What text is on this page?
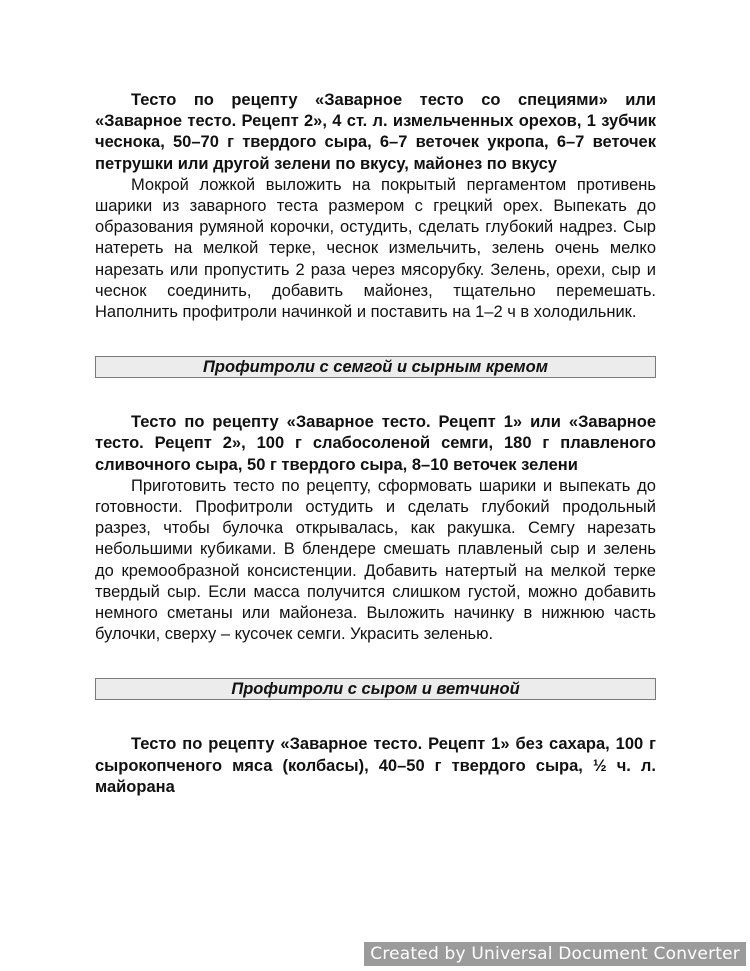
Тесто по рецепту «Заварное тесто со специями» или «Заварное тесто. Рецепт 2», 4 ст. л. измельченных орехов, 1 зубчик чеснока, 50–70 г твердого сыра, 6–7 веточек укропа, 6–7 веточек петрушки или другой зелени по вкусу, майонез по вкусу

Мокрой ложкой выложить на покрытый пергаментом противень шарики из заварного теста размером с грецкий орех. Выпекать до образования румяной корочки, остудить, сделать глубокий надрез. Сыр натереть на мелкой терке, чеснок измельчить, зелень очень мелко нарезать или пропустить 2 раза через мясорубку. Зелень, орехи, сыр и чеснок соединить, добавить майонез, тщательно перемешать. Наполнить профитроли начинкой и поставить на 1–2 ч в холодильник.

Профитроли с семгой и сырным кремом

Тесто по рецепту «Заварное тесто. Рецепт 1» или «Заварное тесто. Рецепт 2», 100 г слабосоленой семги, 180 г плавленого сливочного сыра, 50 г твердого сыра, 8–10 веточек зелени

Приготовить тесто по рецепту, сформовать шарики и выпекать до готовности. Профитроли остудить и сделать глубокий продольный разрез, чтобы булочка открывалась, как ракушка. Семгу нарезать небольшими кубиками. В блендере смешать плавленый сыр и зелень до кремообразной консистенции. Добавить натертый на мелкой терке твердый сыр. Если масса получится слишком густой, можно добавить немного сметаны или майонеза. Выложить начинку в нижнюю часть булочки, сверху – кусочек семги. Украсить зеленью.

Профитроли с сыром и ветчиной

Тесто по рецепту «Заварное тесто. Рецепт 1» без сахара, 100 г сырокопченого мяса (колбасы), 40–50 г твердого сыра, ½ ч. л. майорана

Created by Universal Document Converter
